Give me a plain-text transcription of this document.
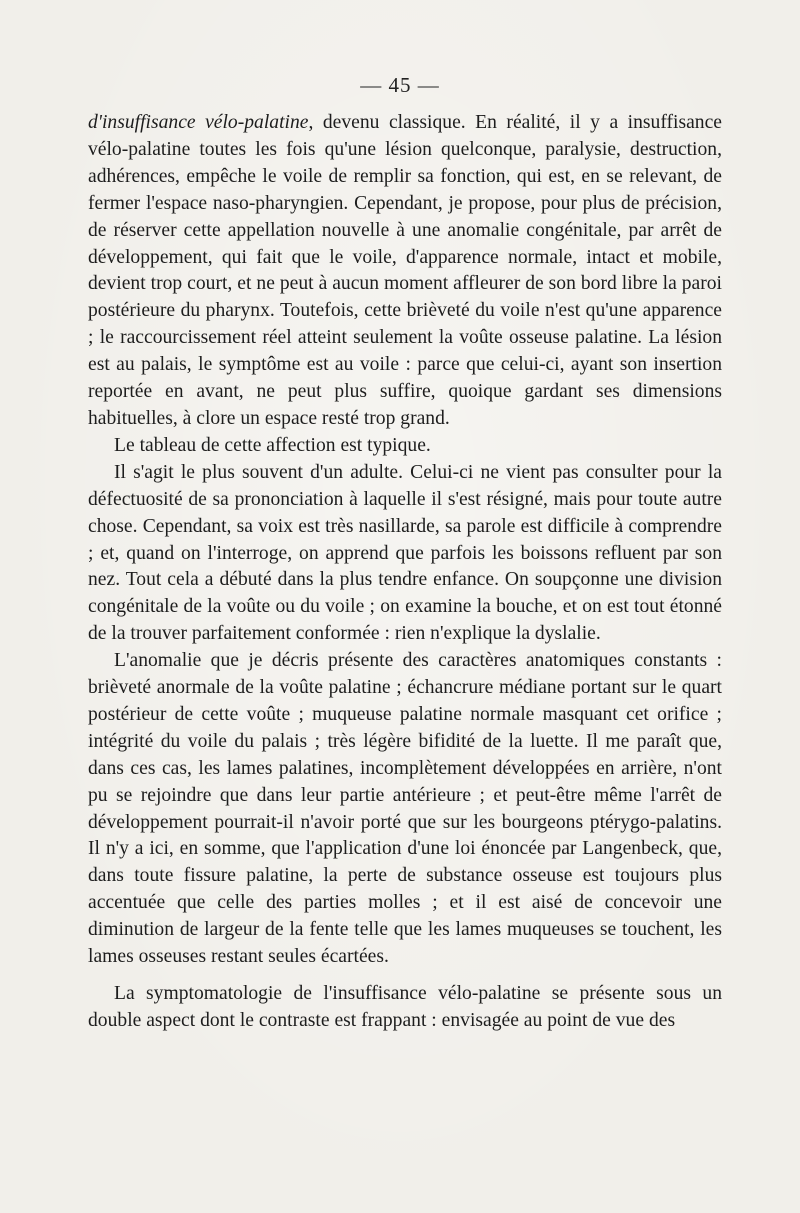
— 45 —

d'insuffisance vélo-palatine, devenu classique. En réalité, il y a insuffisance vélo-palatine toutes les fois qu'une lésion quelconque, paralysie, destruction, adhérences, empêche le voile de remplir sa fonction, qui est, en se relevant, de fermer l'espace naso-pharyngien. Cependant, je propose, pour plus de précision, de réserver cette appellation nouvelle à une anomalie congénitale, par arrêt de développement, qui fait que le voile, d'apparence normale, intact et mobile, devient trop court, et ne peut à aucun moment affleurer de son bord libre la paroi postérieure du pharynx. Toutefois, cette brièveté du voile n'est qu'une apparence ; le raccourcissement réel atteint seulement la voûte osseuse palatine. La lésion est au palais, le symptôme est au voile : parce que celui-ci, ayant son insertion reportée en avant, ne peut plus suffire, quoique gardant ses dimensions habituelles, à clore un espace resté trop grand.

Le tableau de cette affection est typique.

Il s'agit le plus souvent d'un adulte. Celui-ci ne vient pas consulter pour la défectuosité de sa prononciation à laquelle il s'est résigné, mais pour toute autre chose. Cependant, sa voix est très nasillarde, sa parole est difficile à comprendre ; et, quand on l'interroge, on apprend que parfois les boissons refluent par son nez. Tout cela a débuté dans la plus tendre enfance. On soupçonne une division congénitale de la voûte ou du voile ; on examine la bouche, et on est tout étonné de la trouver parfaitement conformée : rien n'explique la dyslalie.

L'anomalie que je décris présente des caractères anatomiques constants : brièveté anormale de la voûte palatine ; échancrure médiane portant sur le quart postérieur de cette voûte ; muqueuse palatine normale masquant cet orifice ; intégrité du voile du palais ; très légère bifidité de la luette. Il me paraît que, dans ces cas, les lames palatines, incomplètement développées en arrière, n'ont pu se rejoindre que dans leur partie antérieure ; et peut-être même l'arrêt de développement pourrait-il n'avoir porté que sur les bourgeons ptérygo-palatins. Il n'y a ici, en somme, que l'application d'une loi énoncée par Langenbeck, que, dans toute fissure palatine, la perte de substance osseuse est toujours plus accentuée que celle des parties molles ; et il est aisé de concevoir une diminution de largeur de la fente telle que les lames muqueuses se touchent, les lames osseuses restant seules écartées.

La symptomatologie de l'insuffisance vélo-palatine se présente sous un double aspect dont le contraste est frappant : envisagée au point de vue des
